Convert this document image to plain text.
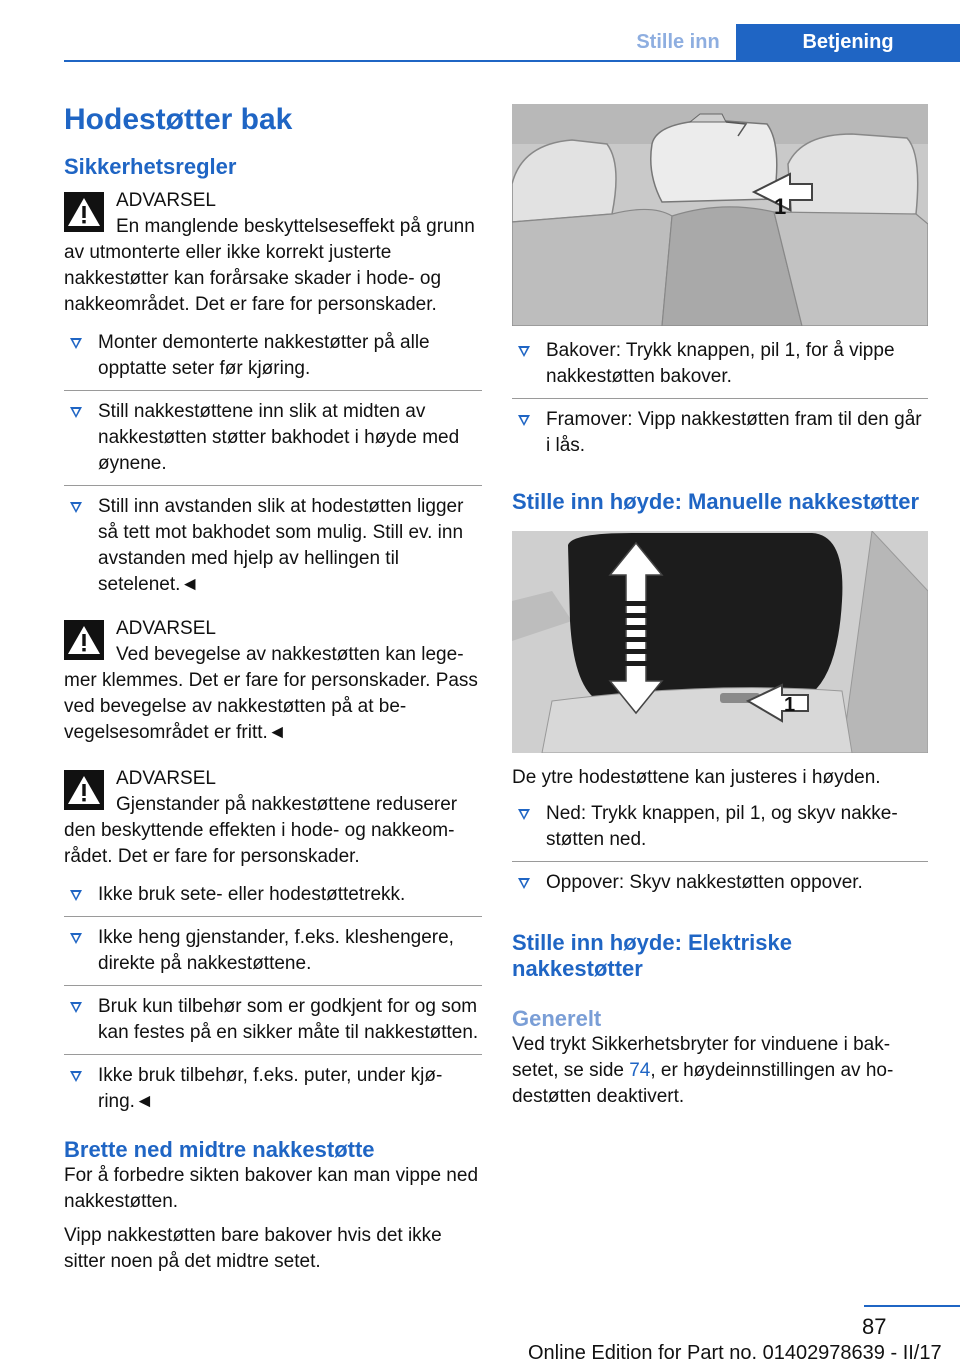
Stille inn	Betjening
Hodestøtter bak
Sikkerhetsregler
ADVARSEL
En manglende beskyttelseseffekt på grunn av utmonterte eller ikke korrekt justerte nakkestøtter kan forårsake skader i hode- og nakkeområdet. Det er fare for personskader.
Monter demonterte nakkestøtter på alle opptatte seter før kjøring.
Still nakkestøttene inn slik at midten av nakkestøtten støtter bakhodet i høyde med øynene.
Still inn avstanden slik at hodestøtten ligger så tett mot bakhodet som mulig. Still ev. inn avstanden med hjelp av hellingen til setelenet.◄
ADVARSEL
Ved bevegelse av nakkestøtten kan legemer klemmes. Det er fare for personskader. Pass ved bevegelse av nakkestøtten på at bevegelsesområdet er fritt.◄
ADVARSEL
Gjenstander på nakkestøttene reduserer den beskyttende effekten i hode- og nakkeområdet. Det er fare for personskader.
Ikke bruk sete- eller hodestøttetrekk.
Ikke heng gjenstander, f.eks. kleshengere, direkte på nakkestøttene.
Bruk kun tilbehør som er godkjent for og som kan festes på en sikker måte til nakkestøtten.
Ikke bruk tilbehør, f.eks. puter, under kjøring.◄
Brette ned midtre nakkestøtte

For å forbedre sikten bakover kan man vippe ned nakkestøtten.

Vipp nakkestøtten bare bakover hvis det ikke sitter noen på det midtre setet.

1
Bakover: Trykk knappen, pil 1, for å vippe nakkestøtten bakover.
Framover: Vipp nakkestøtten fram til den går i lås.
Stille inn høyde: Manuelle nakkestøtter
1

De ytre hodestøttene kan justeres i høyden.

Ned: Trykk knappen, pil 1, og skyv nakkestøtten ned.
Oppover: Skyv nakkestøtten oppover.
Stille inn høyde: Elektriske nakkestøtter
Generelt

Ved trykt Sikkerhetsbryter for vinduene i baksetet, se side 74, er høydeinnstillingen av hodestøtten deaktivert.

87
Online Edition for Part no. 01402978639 - II/17
